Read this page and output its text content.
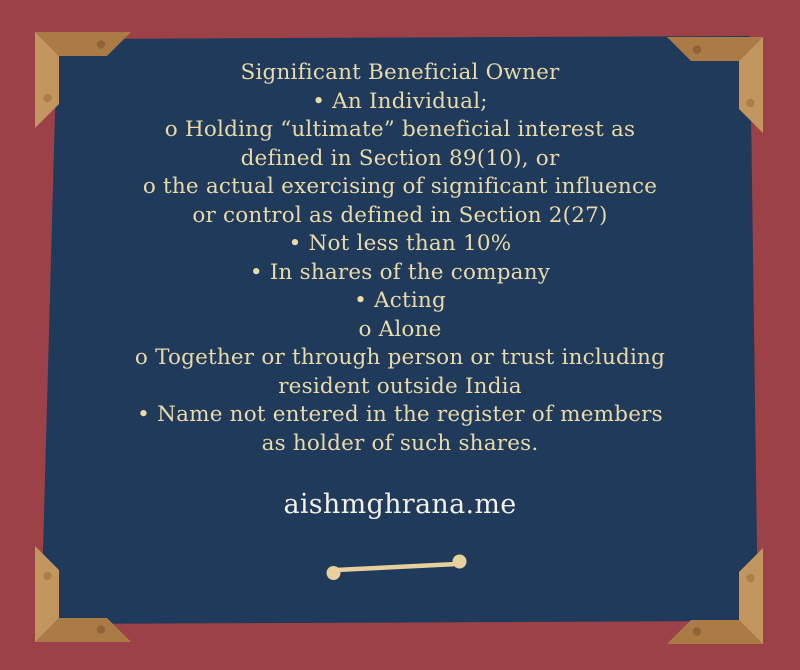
Significant Beneficial Owner
• An Individual;
o Holding “ultimate” beneficial interest as
defined in Section 89(10), or
o the actual exercising of significant influence
or control as defined in Section 2(27)
• Not less than 10%
• In shares of the company
• Acting
o Alone
o Together or through person or trust including
resident outside India
• Name not entered in the register of members
as holder of such shares.
aishmghrana.me
